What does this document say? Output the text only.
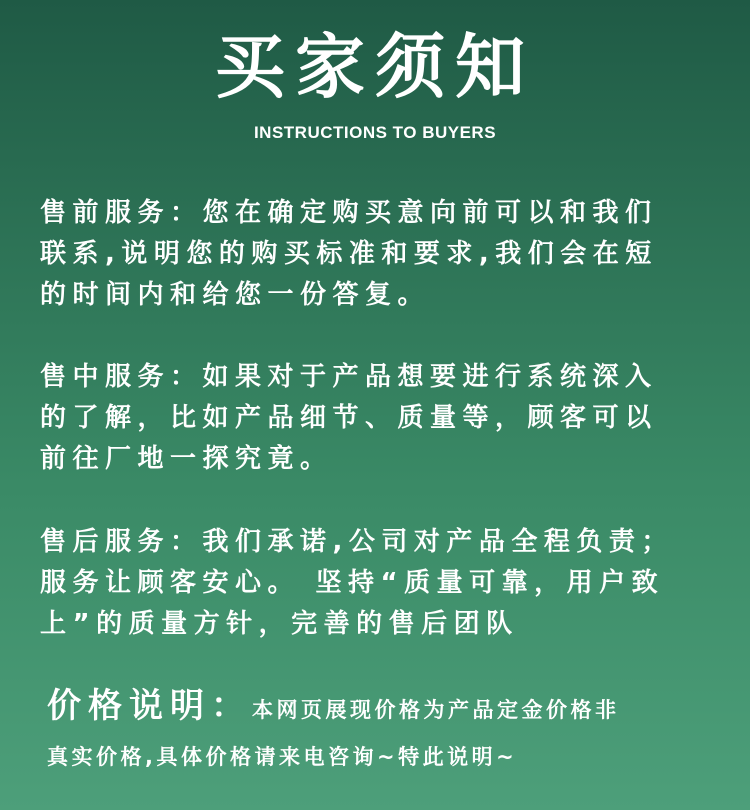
买家须知
INSTRUCTIONS TO BUYERS
售前服务：您在确定购买意向前可以和我们
联系,说明您的购买标准和要求,我们会在短
的时间内和给您一份答复。
售中服务：如果对于产品想要进行系统深入
的了解，比如产品细节、质量等，顾客可以
前往厂地一探究竟。
售后服务：我们承诺,公司对产品全程负责；
服务让顾客安心。 坚持“质量可靠，用户致
上”的质量方针，完善的售后团队
价格说明：本网页展现价格为产品定金价格非
真实价格,具体价格请来电咨询~特此说明~
